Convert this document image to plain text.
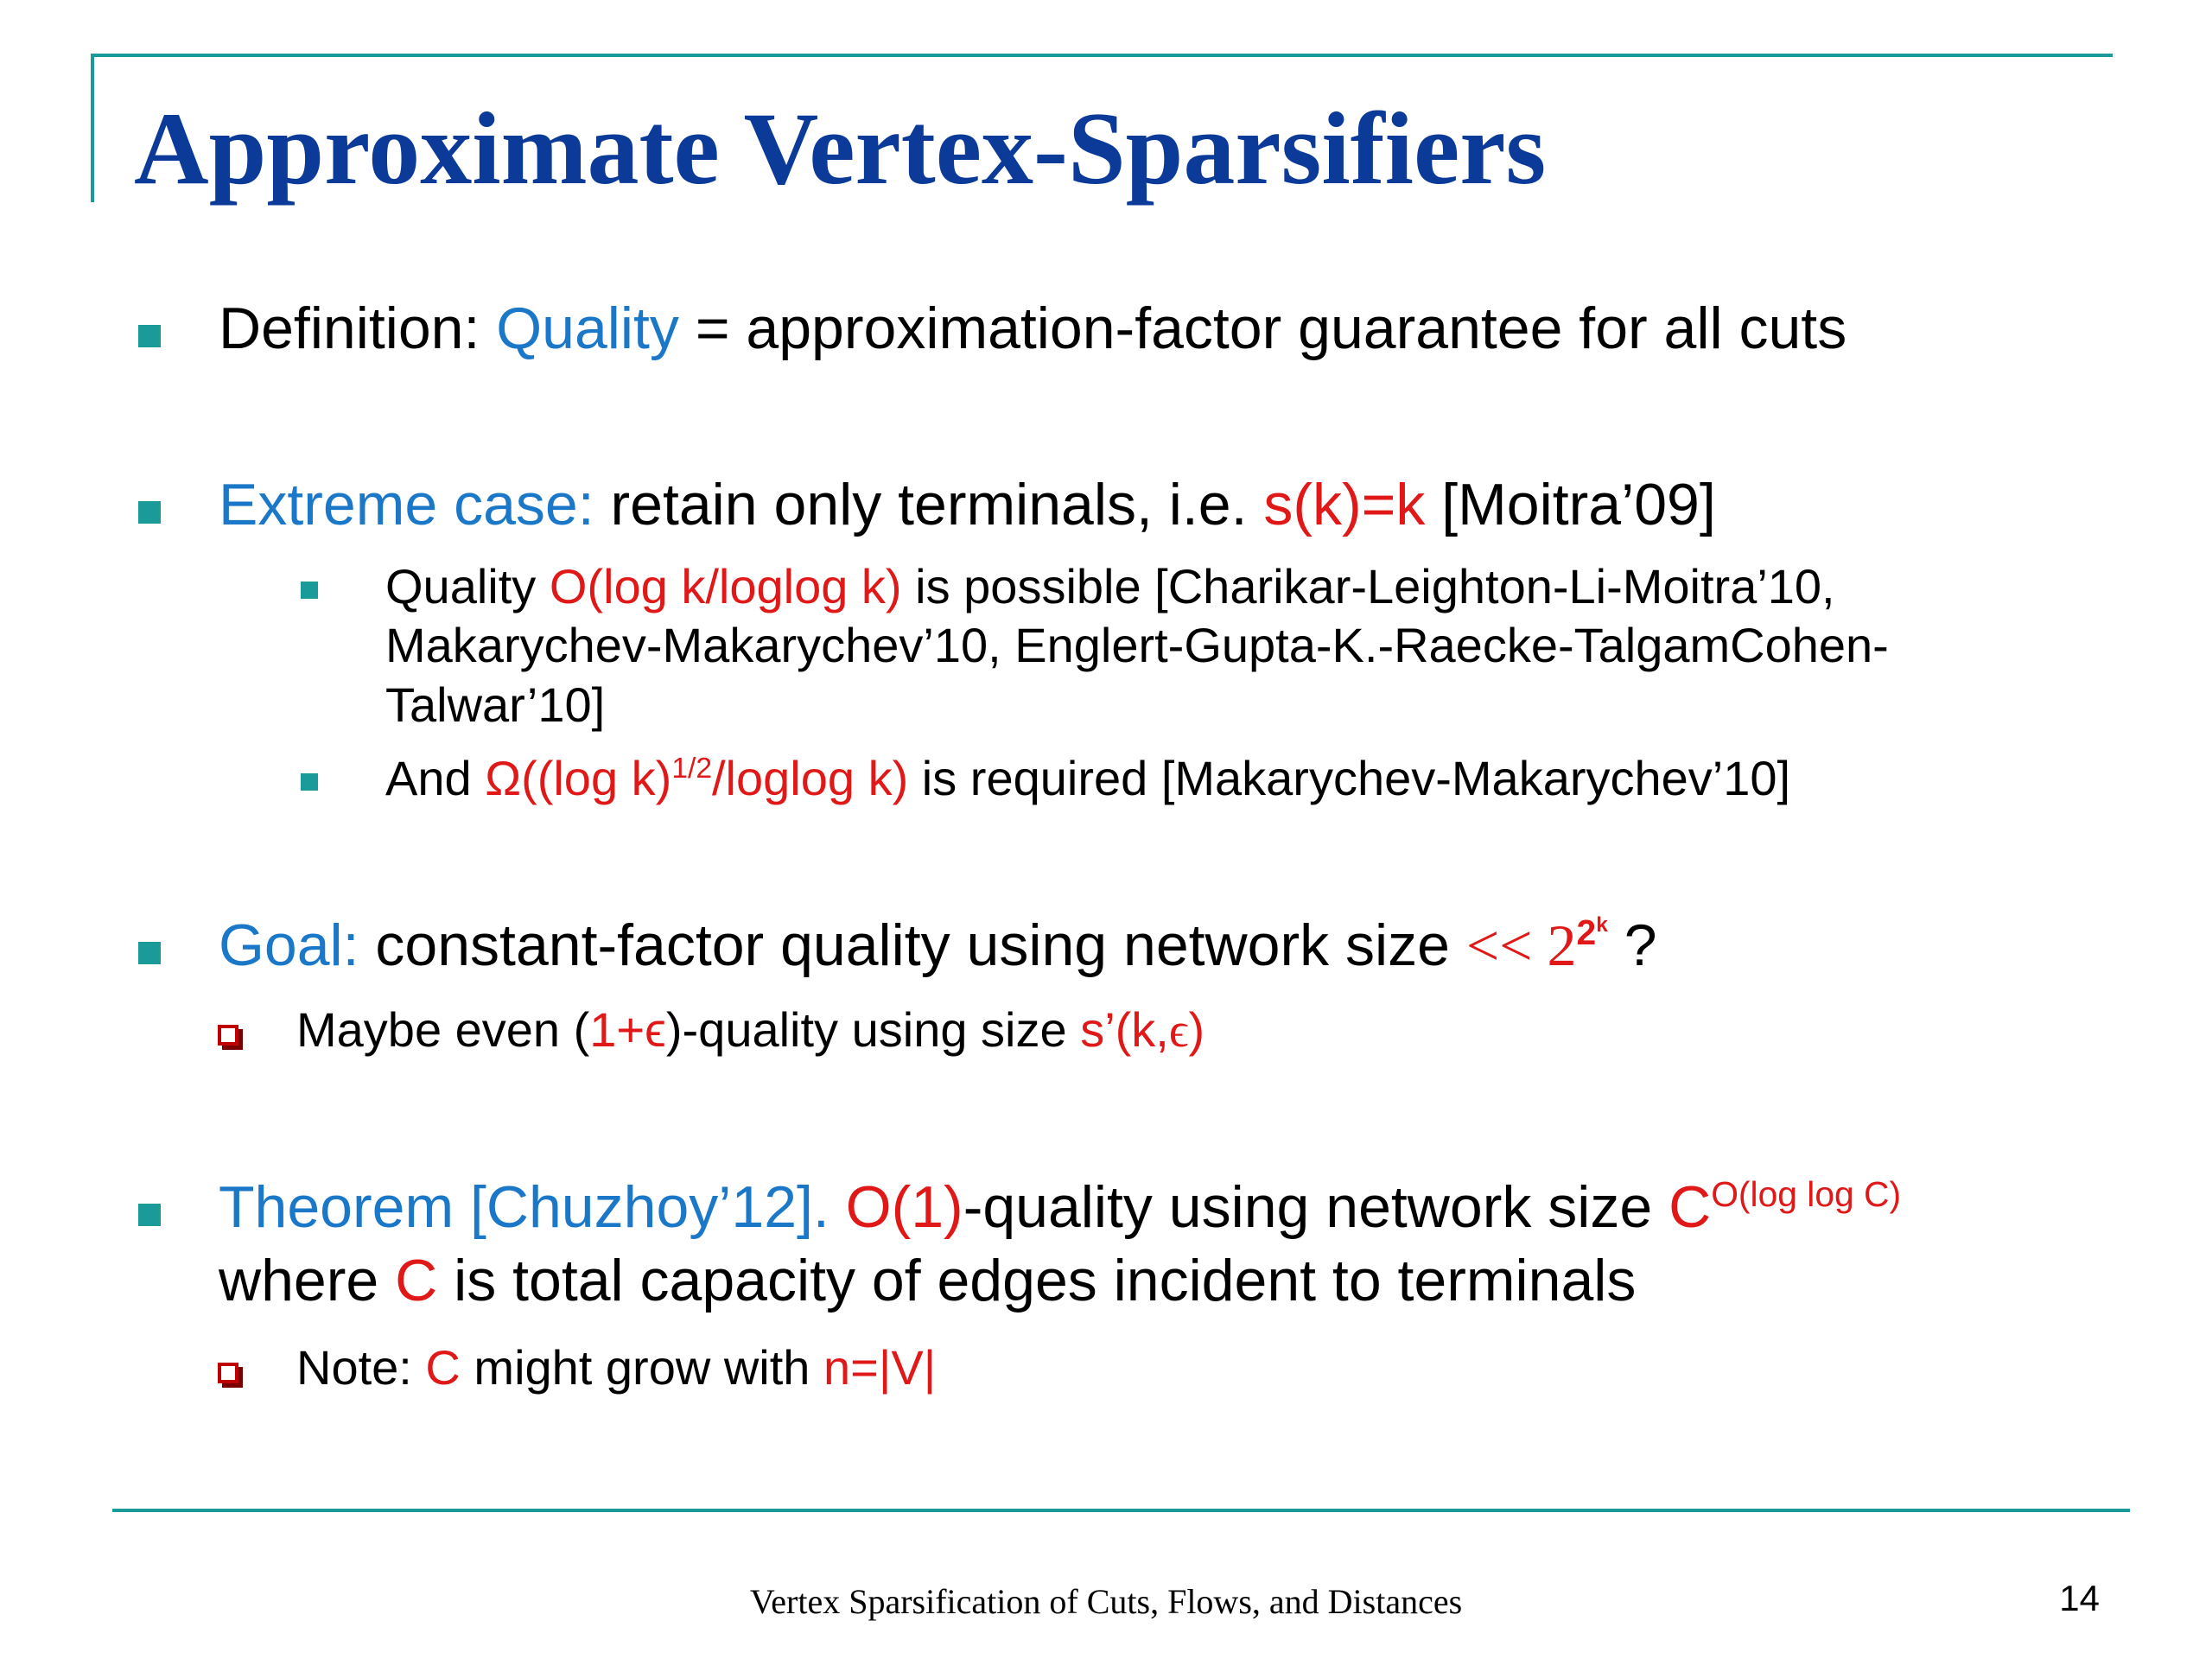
Approximate Vertex-Sparsifiers
Definition: Quality = approximation-factor guarantee for all cuts
Extreme case: retain only terminals, i.e. s(k)=k [Moitra’09]
Quality O(log k/loglog k) is possible [Charikar-Leighton-Li-Moitra’10,
Makarychev-Makarychev’10, Englert-Gupta-K.-Raecke-TalgamCohen-
Talwar’10]
And Ω((log k)$^{1/2}$/loglog k) is required [Makarychev-Makarychev’10]
Goal: constant-factor quality using network size << $2^{2^k}$ ?
Maybe even (1+ϵ)-quality using size s’(k,ϵ)
Theorem [Chuzhoy’12]. O(1)-quality using network size $C^{O(log log C)}$
where C is total capacity of edges incident to terminals
Note: C might grow with n=|V|
Vertex Sparsification of Cuts, Flows, and Distances	14
